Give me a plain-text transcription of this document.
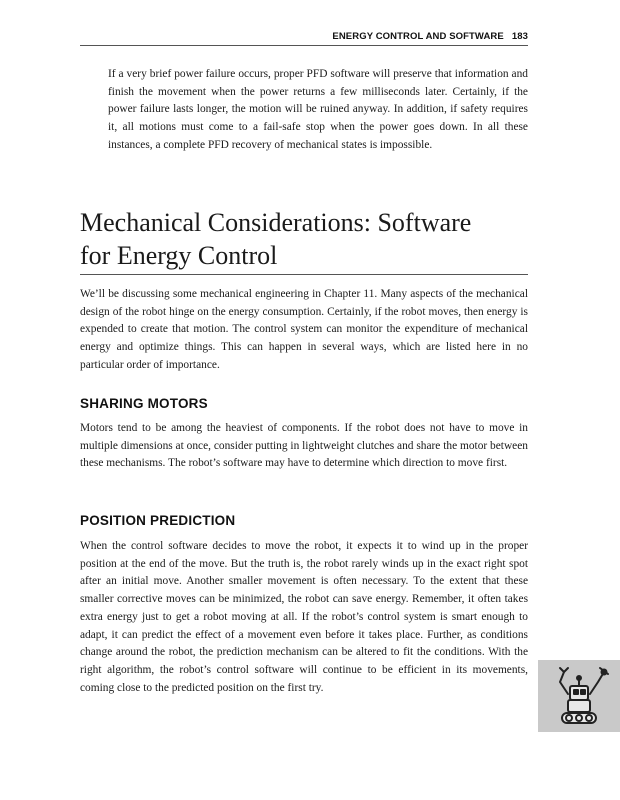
ENERGY CONTROL AND SOFTWARE 183

If a very brief power failure occurs, proper PFD software will preserve that information and finish the movement when the power returns a few milliseconds later. Certainly, if the power failure lasts longer, the motion will be ruined anyway. In addition, if safety requires it, all motions must come to a fail-safe stop when the power goes down. In all these instances, a complete PFD recovery of mechanical states is impossible.

Mechanical Considerations: Software
for Energy Control

We’ll be discussing some mechanical engineering in Chapter 11. Many aspects of the mechanical design of the robot hinge on the energy consumption. Certainly, if the robot moves, then energy is expended to create that motion. The control system can monitor the expenditure of mechanical energy and optimize things. This can happen in several ways, which are listed here in no particular order of importance.

SHARING MOTORS

Motors tend to be among the heaviest of components. If the robot does not have to move in multiple dimensions at once, consider putting in lightweight clutches and share the motor between these mechanisms. The robot’s software may have to determine which direction to move first.

POSITION PREDICTION

When the control software decides to move the robot, it expects it to wind up in the proper position at the end of the move. But the truth is, the robot rarely winds up in the exact right spot after an initial move. Another smaller movement is often necessary. To the extent that these smaller corrective moves can be minimized, the robot can save energy. Remember, it often takes extra energy just to get a robot moving at all. If the robot’s control system is smart enough to adapt, it can predict the effect of a movement even before it takes place. Further, as conditions change around the robot, the prediction mechanism can be altered to fit the conditions. With the right algorithm, the robot’s control software will continue to be efficient in its movements, coming close to the predicted position on the first try.
